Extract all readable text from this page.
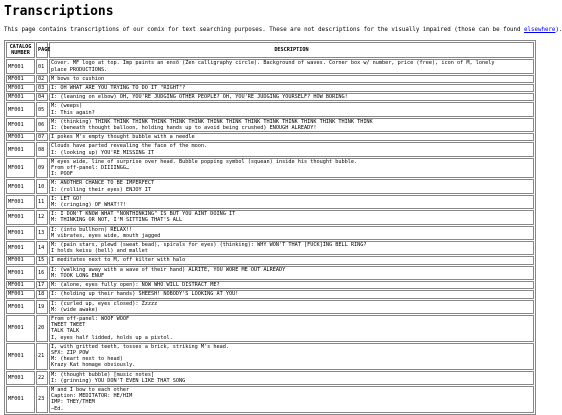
Transcriptions

This page contains transcriptions of our comix for text searching purposes. These are not descriptions for the visually impaired (those can be found elsewhere).

CATALOG NUMBER	PAGE	DESCRIPTION
MF001	01	Cover. MF logo at top. Imp paints an ensō (Zen calligraphy circle). Background of waves. Corner box w/ number, price (free), icon of M, lonely
place PRODUCTIONS.
MF001	02	M bows to cushion
MF001	03	I: OH WHAT ARE YOU TRYING TO DO IT "RIGHT"?
MF001	04	I: (leaning on elbow) OH, YOU'RE JUDGING OTHER PEOPLE? OH, YOU'RE JUDGING YOURSELF? HOW BORING!
MF001	05	M: (weeps)
I: This again?
MF001	06	M: (thinking) THINK THINK THINK THINK THINK THINK THINK THINK THINK THINK THINK THINK THINK THINK THINK
I: (beneath thought balloon, holding hands up to avoid being crushed) ENOUGH ALREADY!
MF001	07	I pokes M's empty thought bubble with a needle
MF001	08	Clouds have parted revealing the face of the moon.
I: (looking up) YOU'RE MISSING IT
MF001	09	M eyes wide, line of surprise over head. Bubble popping symbol (squean) inside his thought bubble.
From off-panel: DIIIINGG…
I: POOF
MF001	10	M: ANOTHER CHANCE TO BE IMPERFECT
I: (rolling their eyes) ENJOY IT
MF001	11	I: LET GO!
M: (cringing) OF WHAT!?!
MF001	12	I: I DON'T KNOW WHAT "NONTHINKING" IS BUT YOU AINT DOING IT
M: THINKING OR NOT, I'M SITTING THAT'S ALL
MF001	13	I: (into bullhorn) RELAX!!
M vibrates, eyes wide, mouth jagged
MF001	14	M: (pain stars, plewd (sweat bead), spirals for eyes) (thinking): WHY WON'T THAT [FUCK]ING BELL RING?
I holds keisu (bell) and mallet
MF001	15	I meditates next to M, off kilter with halo
MF001	16	I: (walking away with a wave of their hand) ALRITE, YOU WORE ME OUT ALREADY
M: TOOK LONG ENUF
MF001	17	M: (alone, eyes fully open): NOW WHO WILL DISTRACT ME?
MF001	18	I: (holding up their hands) SHEESH! NOBODY'S LOOKING AT YOU!
MF001	19	I: (curled up, eyes closed): Zzzzz
M: (wide awake)
MF001	20	From off-panel: WOOF WOOF
TWEET TWEET
TALK TALK
I, eyes half lidded, holds up a pistol.
MF001	21	I, with gritted teeth, tosses a brick, striking M's head.
SFX: ZIP POW
M: (heart next to head)
Krazy Kat homage obviously.
MF001	22	M: (thought bubble) [music notes]
I: (grinning) YOU DON'T EVEN LIKE THAT SONG
MF001	23	M and I bow to each other
Caption: MEDITATOR: HE/HIM
IMP: THEY/THEM
—Ed.
